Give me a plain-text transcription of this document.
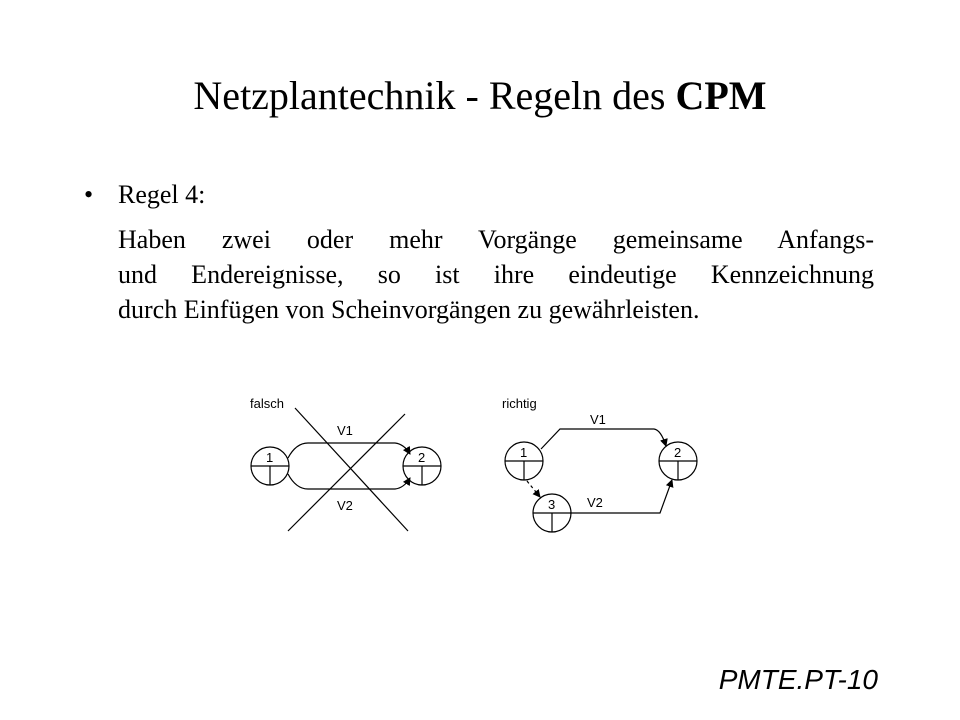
Netzplantechnik - Regeln des CPM
• Regel 4:
Haben zwei oder mehr Vorgänge gemeinsame Anfangs-
und Endereignisse, so ist ihre eindeutige Kennzeichnung
durch Einfügen von Scheinvorgängen zu gewährleisten.
falsch
1	2
V1
V2
richtig
1	2
3
V1
V2
PMTE.PT-10
